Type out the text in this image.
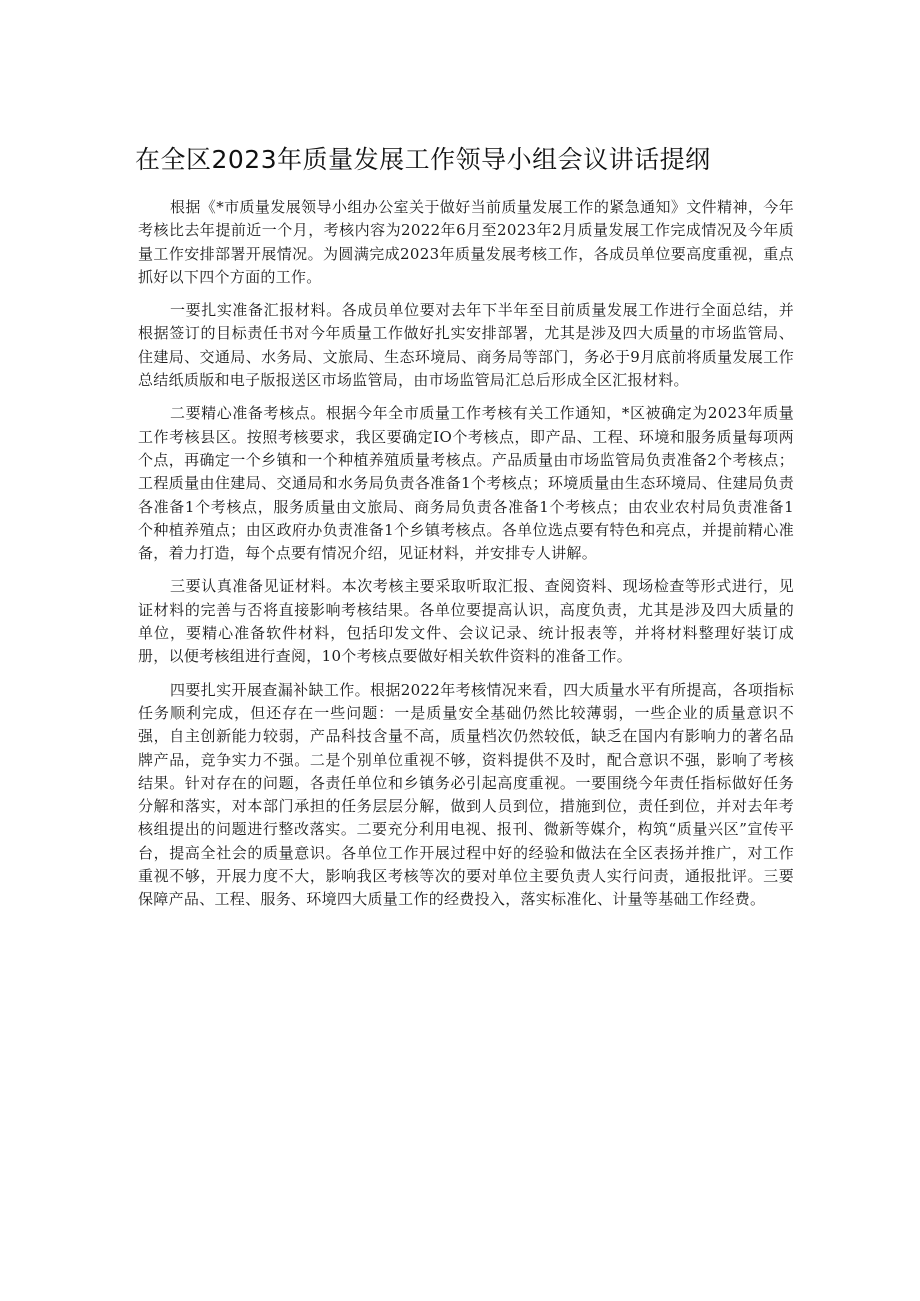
在全区2023年质量发展工作领导小组会议讲话提纲

根据《*市质量发展领导小组办公室关于做好当前质量发展工作的紧急通知》文件精神，今年考核比去年提前近一个月，考核内容为2022年6月至2023年2月质量发展工作完成情况及今年质量工作安排部署开展情况。为圆满完成2023年质量发展考核工作，各成员单位要高度重视，重点抓好以下四个方面的工作。

一要扎实准备汇报材料。各成员单位要对去年下半年至目前质量发展工作进行全面总结，并根据签订的目标责任书对今年质量工作做好扎实安排部署，尤其是涉及四大质量的市场监管局、住建局、交通局、水务局、文旅局、生态环境局、商务局等部门，务必于9月底前将质量发展工作总结纸质版和电子版报送区市场监管局，由市场监管局汇总后形成全区汇报材料。

二要精心准备考核点。根据今年全市质量工作考核有关工作通知，*区被确定为2023年质量工作考核县区。按照考核要求，我区要确定IO个考核点，即产品、工程、环境和服务质量每项两个点，再确定一个乡镇和一个种植养殖质量考核点。产品质量由市场监管局负责准备2个考核点；工程质量由住建局、交通局和水务局负责各准备1个考核点；环境质量由生态环境局、住建局负责各准备1个考核点，服务质量由文旅局、商务局负责各准备1个考核点；由农业农村局负责准备1个种植养殖点；由区政府办负责准备1个乡镇考核点。各单位选点要有特色和亮点，并提前精心准备，着力打造，每个点要有情况介绍，见证材料，并安排专人讲解。

三要认真准备见证材料。本次考核主要采取听取汇报、查阅资料、现场检查等形式进行，见证材料的完善与否将直接影响考核结果。各单位要提高认识，高度负责，尤其是涉及四大质量的单位，要精心准备软件材料，包括印发文件、会议记录、统计报表等，并将材料整理好装订成册，以便考核组进行查阅，10个考核点要做好相关软件资料的准备工作。

四要扎实开展查漏补缺工作。根据2022年考核情况来看，四大质量水平有所提高，各项指标任务顺利完成，但还存在一些问题：一是质量安全基础仍然比较薄弱，一些企业的质量意识不强，自主创新能力较弱，产品科技含量不高，质量档次仍然较低，缺乏在国内有影响力的著名品牌产品，竞争实力不强。二是个别单位重视不够，资料提供不及时，配合意识不强，影响了考核结果。针对存在的问题，各责任单位和乡镇务必引起高度重视。一要围绕今年责任指标做好任务分解和落实，对本部门承担的任务层层分解，做到人员到位，措施到位，责任到位，并对去年考核组提出的问题进行整改落实。二要充分利用电视、报刊、微新等媒介，构筑“质量兴区”宣传平台，提高全社会的质量意识。各单位工作开展过程中好的经验和做法在全区表扬并推广，对工作重视不够，开展力度不大，影响我区考核等次的要对单位主要负责人实行问责，通报批评。三要保障产品、工程、服务、环境四大质量工作的经费投入，落实标准化、计量等基础工作经费。
